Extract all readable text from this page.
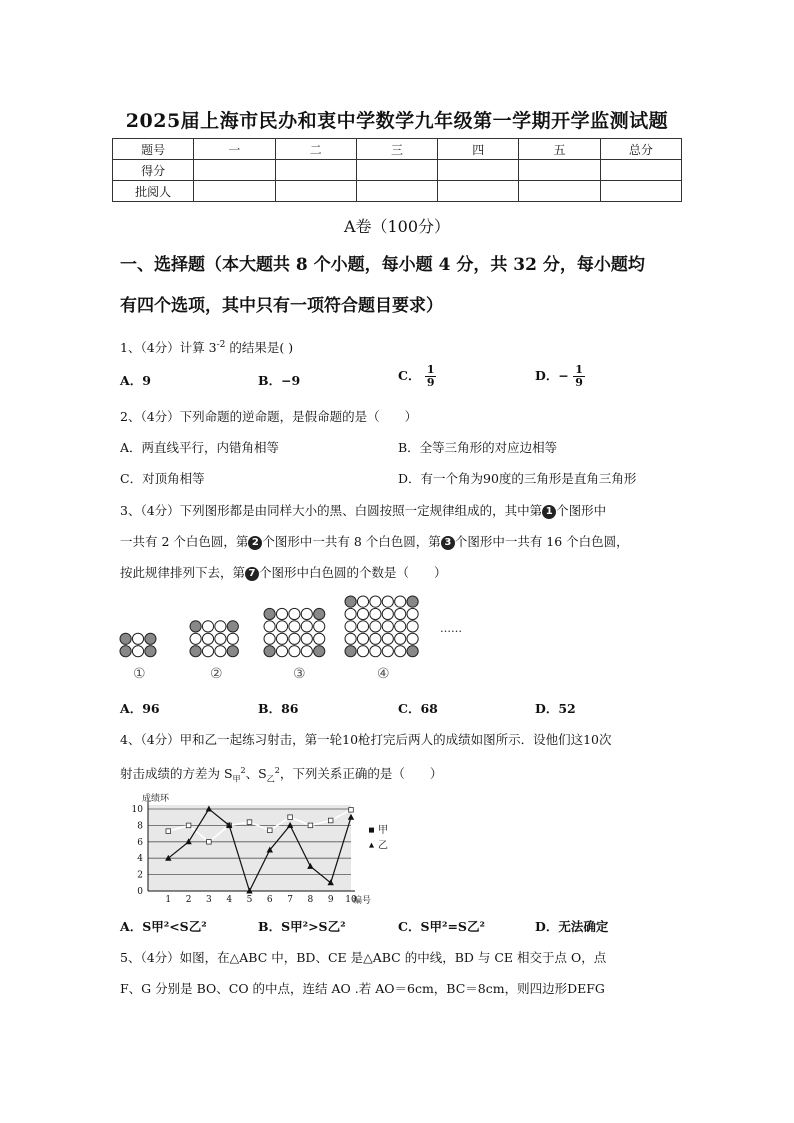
2025届上海市民办和衷中学数学九年级第一学期开学监测试题
题号	一	二	三	四	五	总分
得分						
批阅人						
A卷（100分）
一、选择题（本大题共 8 个小题，每小题 4 分，共 32 分，每小题均
有四个选项，其中只有一项符合题目要求）
1、（4分）计算 $3^{-2}$ 的结果是( )
A．9	B．−9	C． $\frac{1}{9}$	D．− $\frac{1}{9}$
2、（4分）下列命题的逆命题，是假命题的是（　　）
A．两直线平行，内错角相等	B．全等三角形的对应边相等
C．对顶角相等	D．有一个角为90度的三角形是直角三角形
3、（4分）下列图形都是由同样大小的黑、白圆按照一定规律组成的，其中第 1 个图形中
一共有 2 个白色圆，第 2 个图形中一共有 8 个白色圆，第 3 个图形中一共有 16 个白色圆，
按此规律排列下去，第 7 个图形中白色圆的个数是（　　）
①	②	③	④
……
A．96	B．86	C．68	D．52
4、（4分）甲和乙一起练习射击，第一轮10枪打完后两人的成绩如图所示．设他们这10次
射击成绩的方差为 $S_甲^2$、$S_乙^2$，下列关系正确的是（　　）
0
2
4
6
8
10
1 2 3 4 5 6 7 8 9 10
成绩环
编号
甲
乙
A．S甲²<S乙²	B．S甲²>S乙²	C．S甲²=S乙²	D．无法确定
5、（4分）如图，在△ABC 中，BD、CE 是△ABC 的中线，BD 与 CE 相交于点 O，点
F、G 分别是 BO、CO 的中点，连结 AO .若 AO＝6cm，BC＝8cm，则四边形DEFG
